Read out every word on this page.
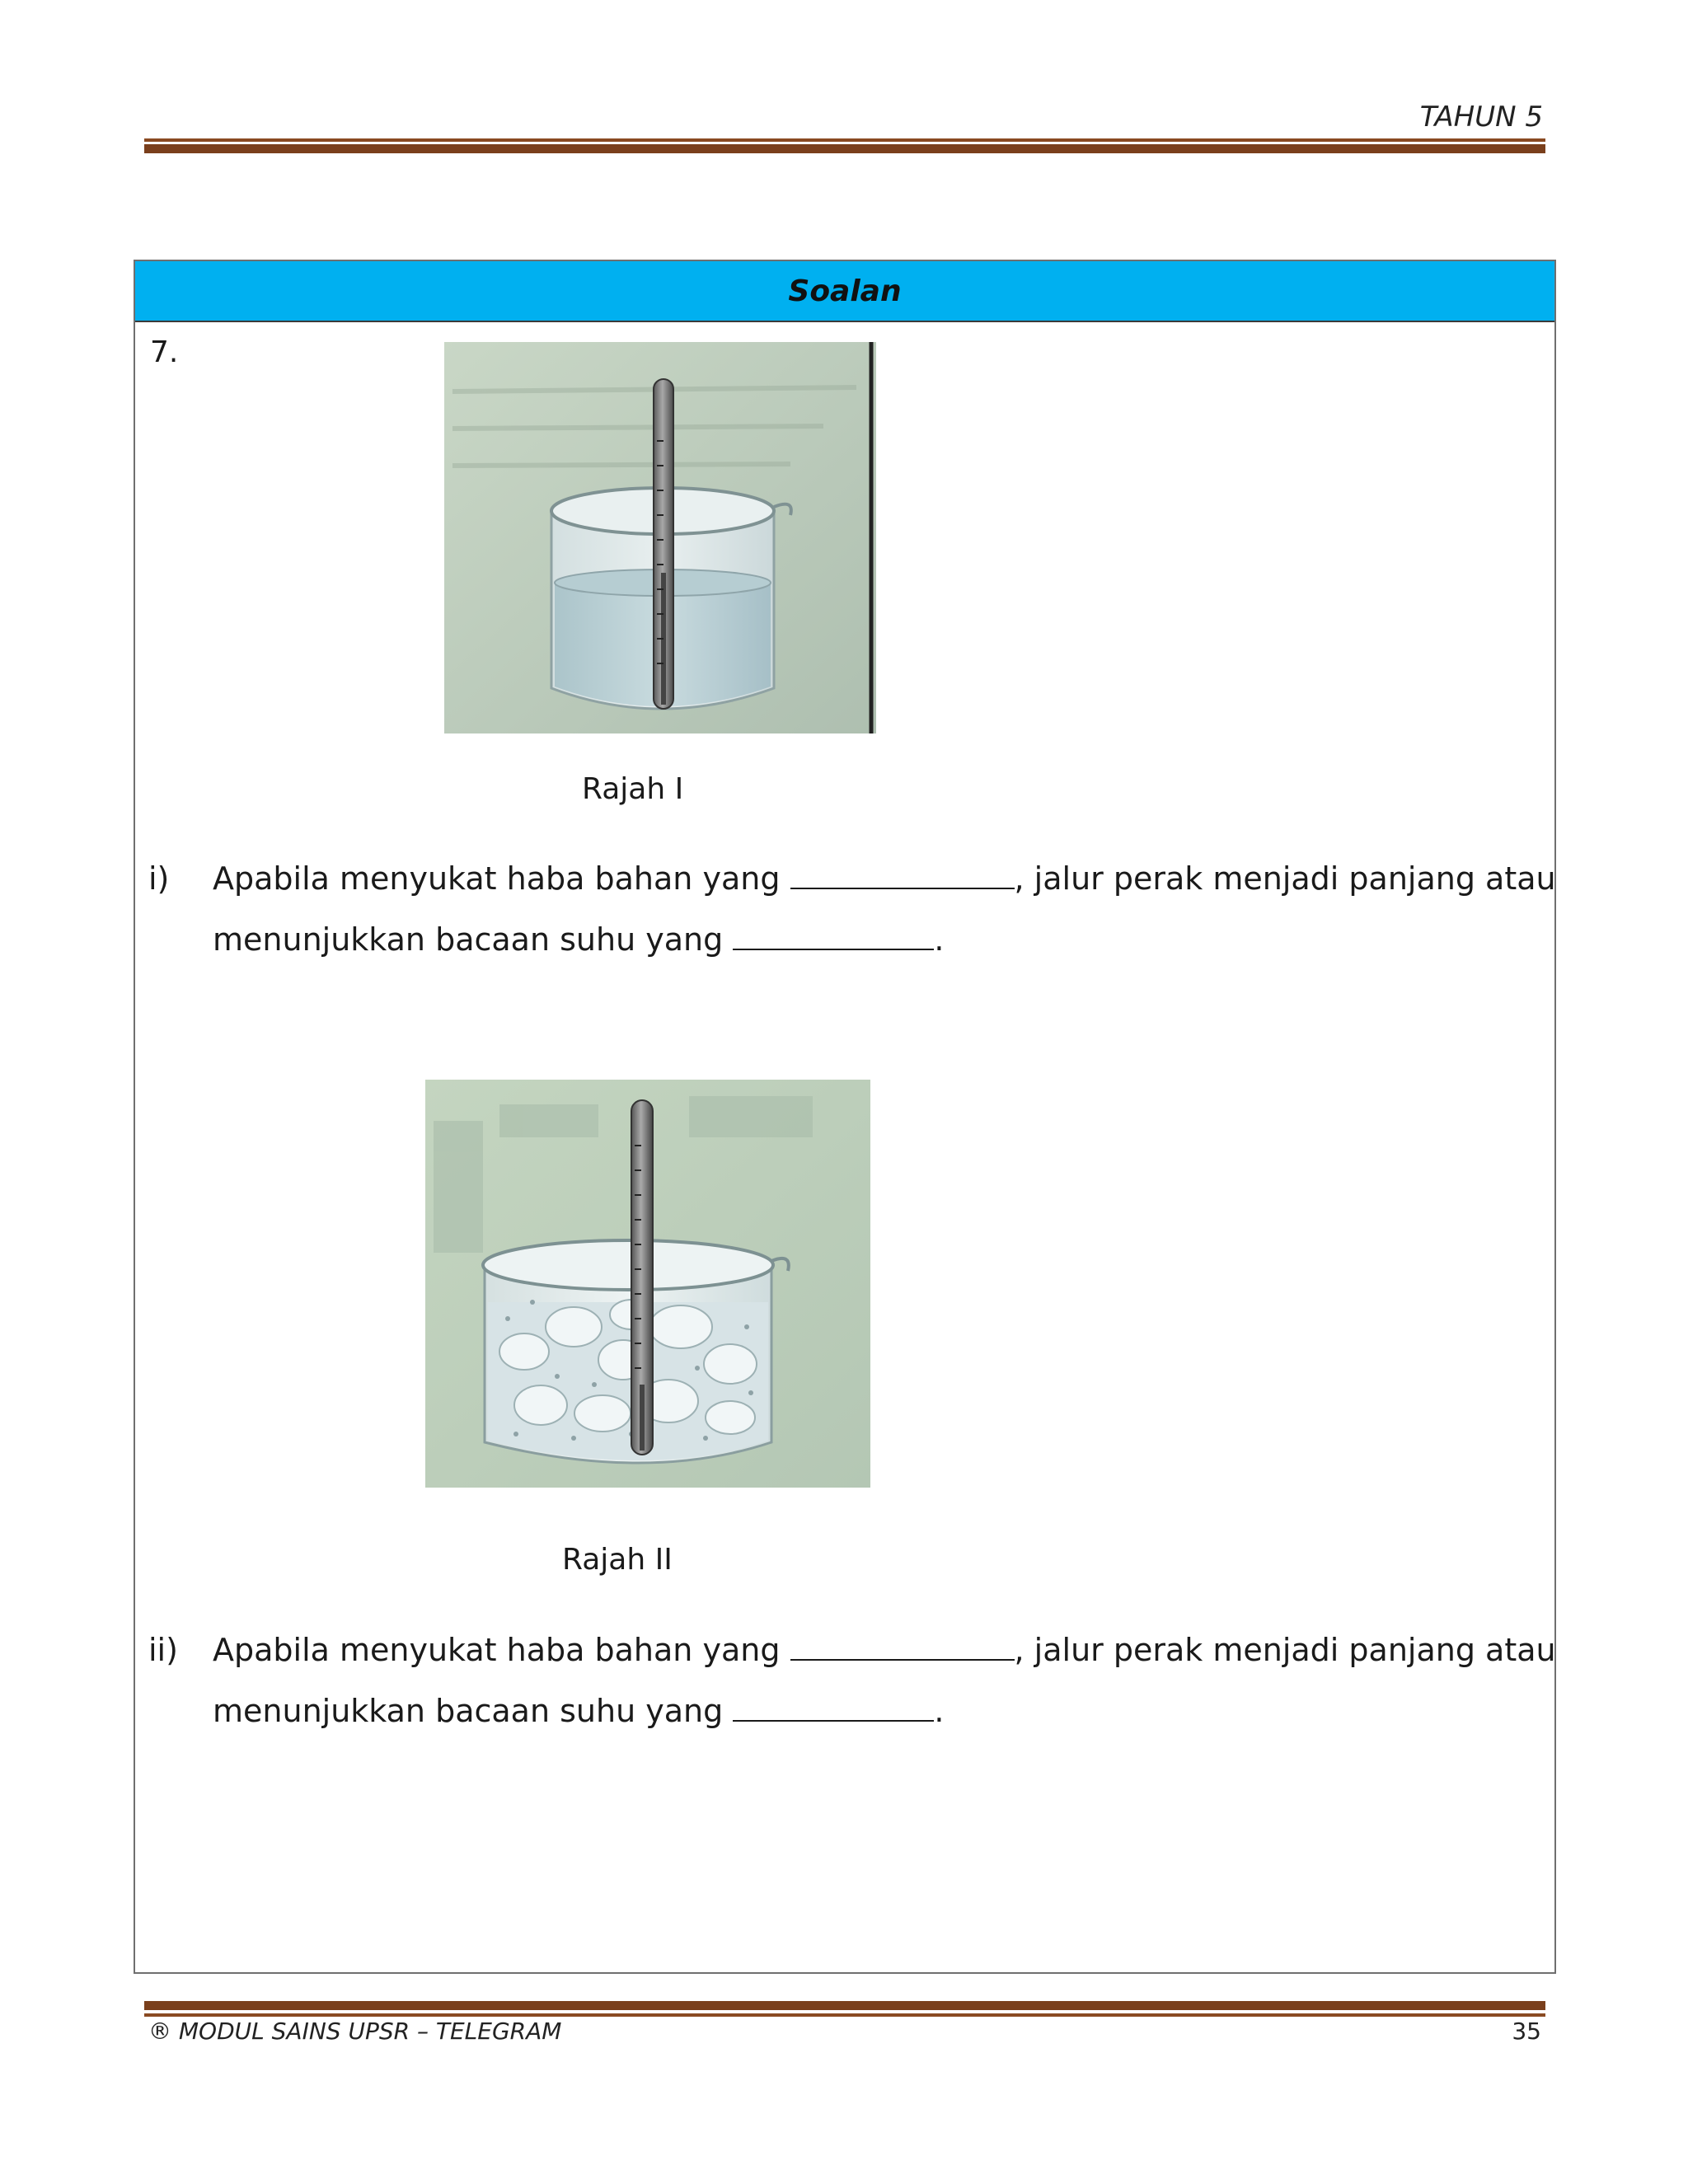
TAHUN 5
Soalan
7.
Rajah I
i) Apabila menyukat haba bahan yang	, jalur perak menjadi panjang atau menunjukkan bacaan suhu yang	.
Rajah II
ii) Apabila menyukat haba bahan yang	, jalur perak menjadi panjang atau menunjukkan bacaan suhu yang	.
® MODUL SAINS UPSR – TELEGRAM	35
